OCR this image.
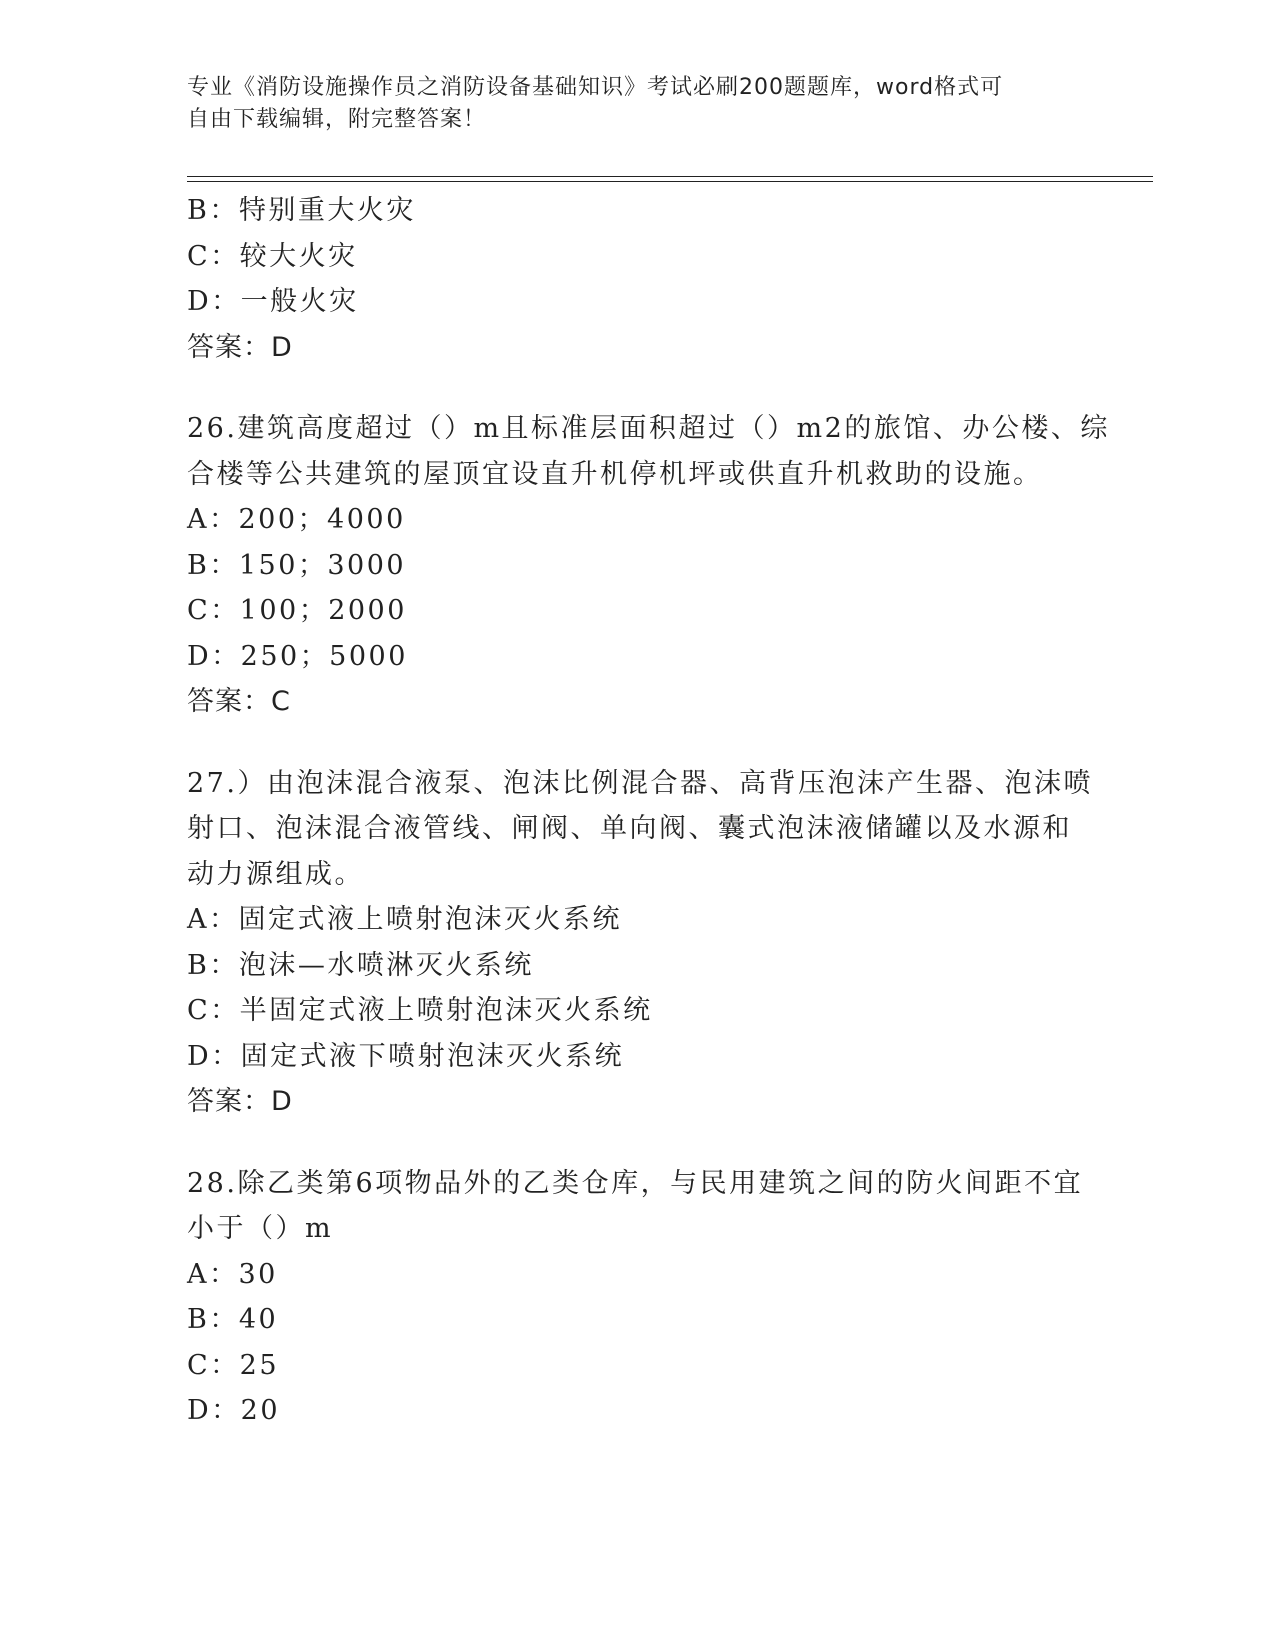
专业《消防设施操作员之消防设备基础知识》考试必刷200题题库，word格式可
自由下载编辑，附完整答案！
B：特别重大火灾
C：较大火灾
D：一般火灾
答案：D
26.建筑高度超过（）m且标准层面积超过（）m2的旅馆、办公楼、综
合楼等公共建筑的屋顶宜设直升机停机坪或供直升机救助的设施。
A：200；4000
B：150；3000
C：100；2000
D：250；5000
答案：C
27.）由泡沫混合液泵、泡沫比例混合器、高背压泡沫产生器、泡沫喷
射口、泡沫混合液管线、闸阀、单向阀、囊式泡沫液储罐以及水源和
动力源组成。
A：固定式液上喷射泡沫灭火系统
B：泡沫—水喷淋灭火系统
C：半固定式液上喷射泡沫灭火系统
D：固定式液下喷射泡沫灭火系统
答案：D
28.除乙类第6项物品外的乙类仓库，与民用建筑之间的防火间距不宜
小于（）m
A：30
B：40
C：25
D：20
